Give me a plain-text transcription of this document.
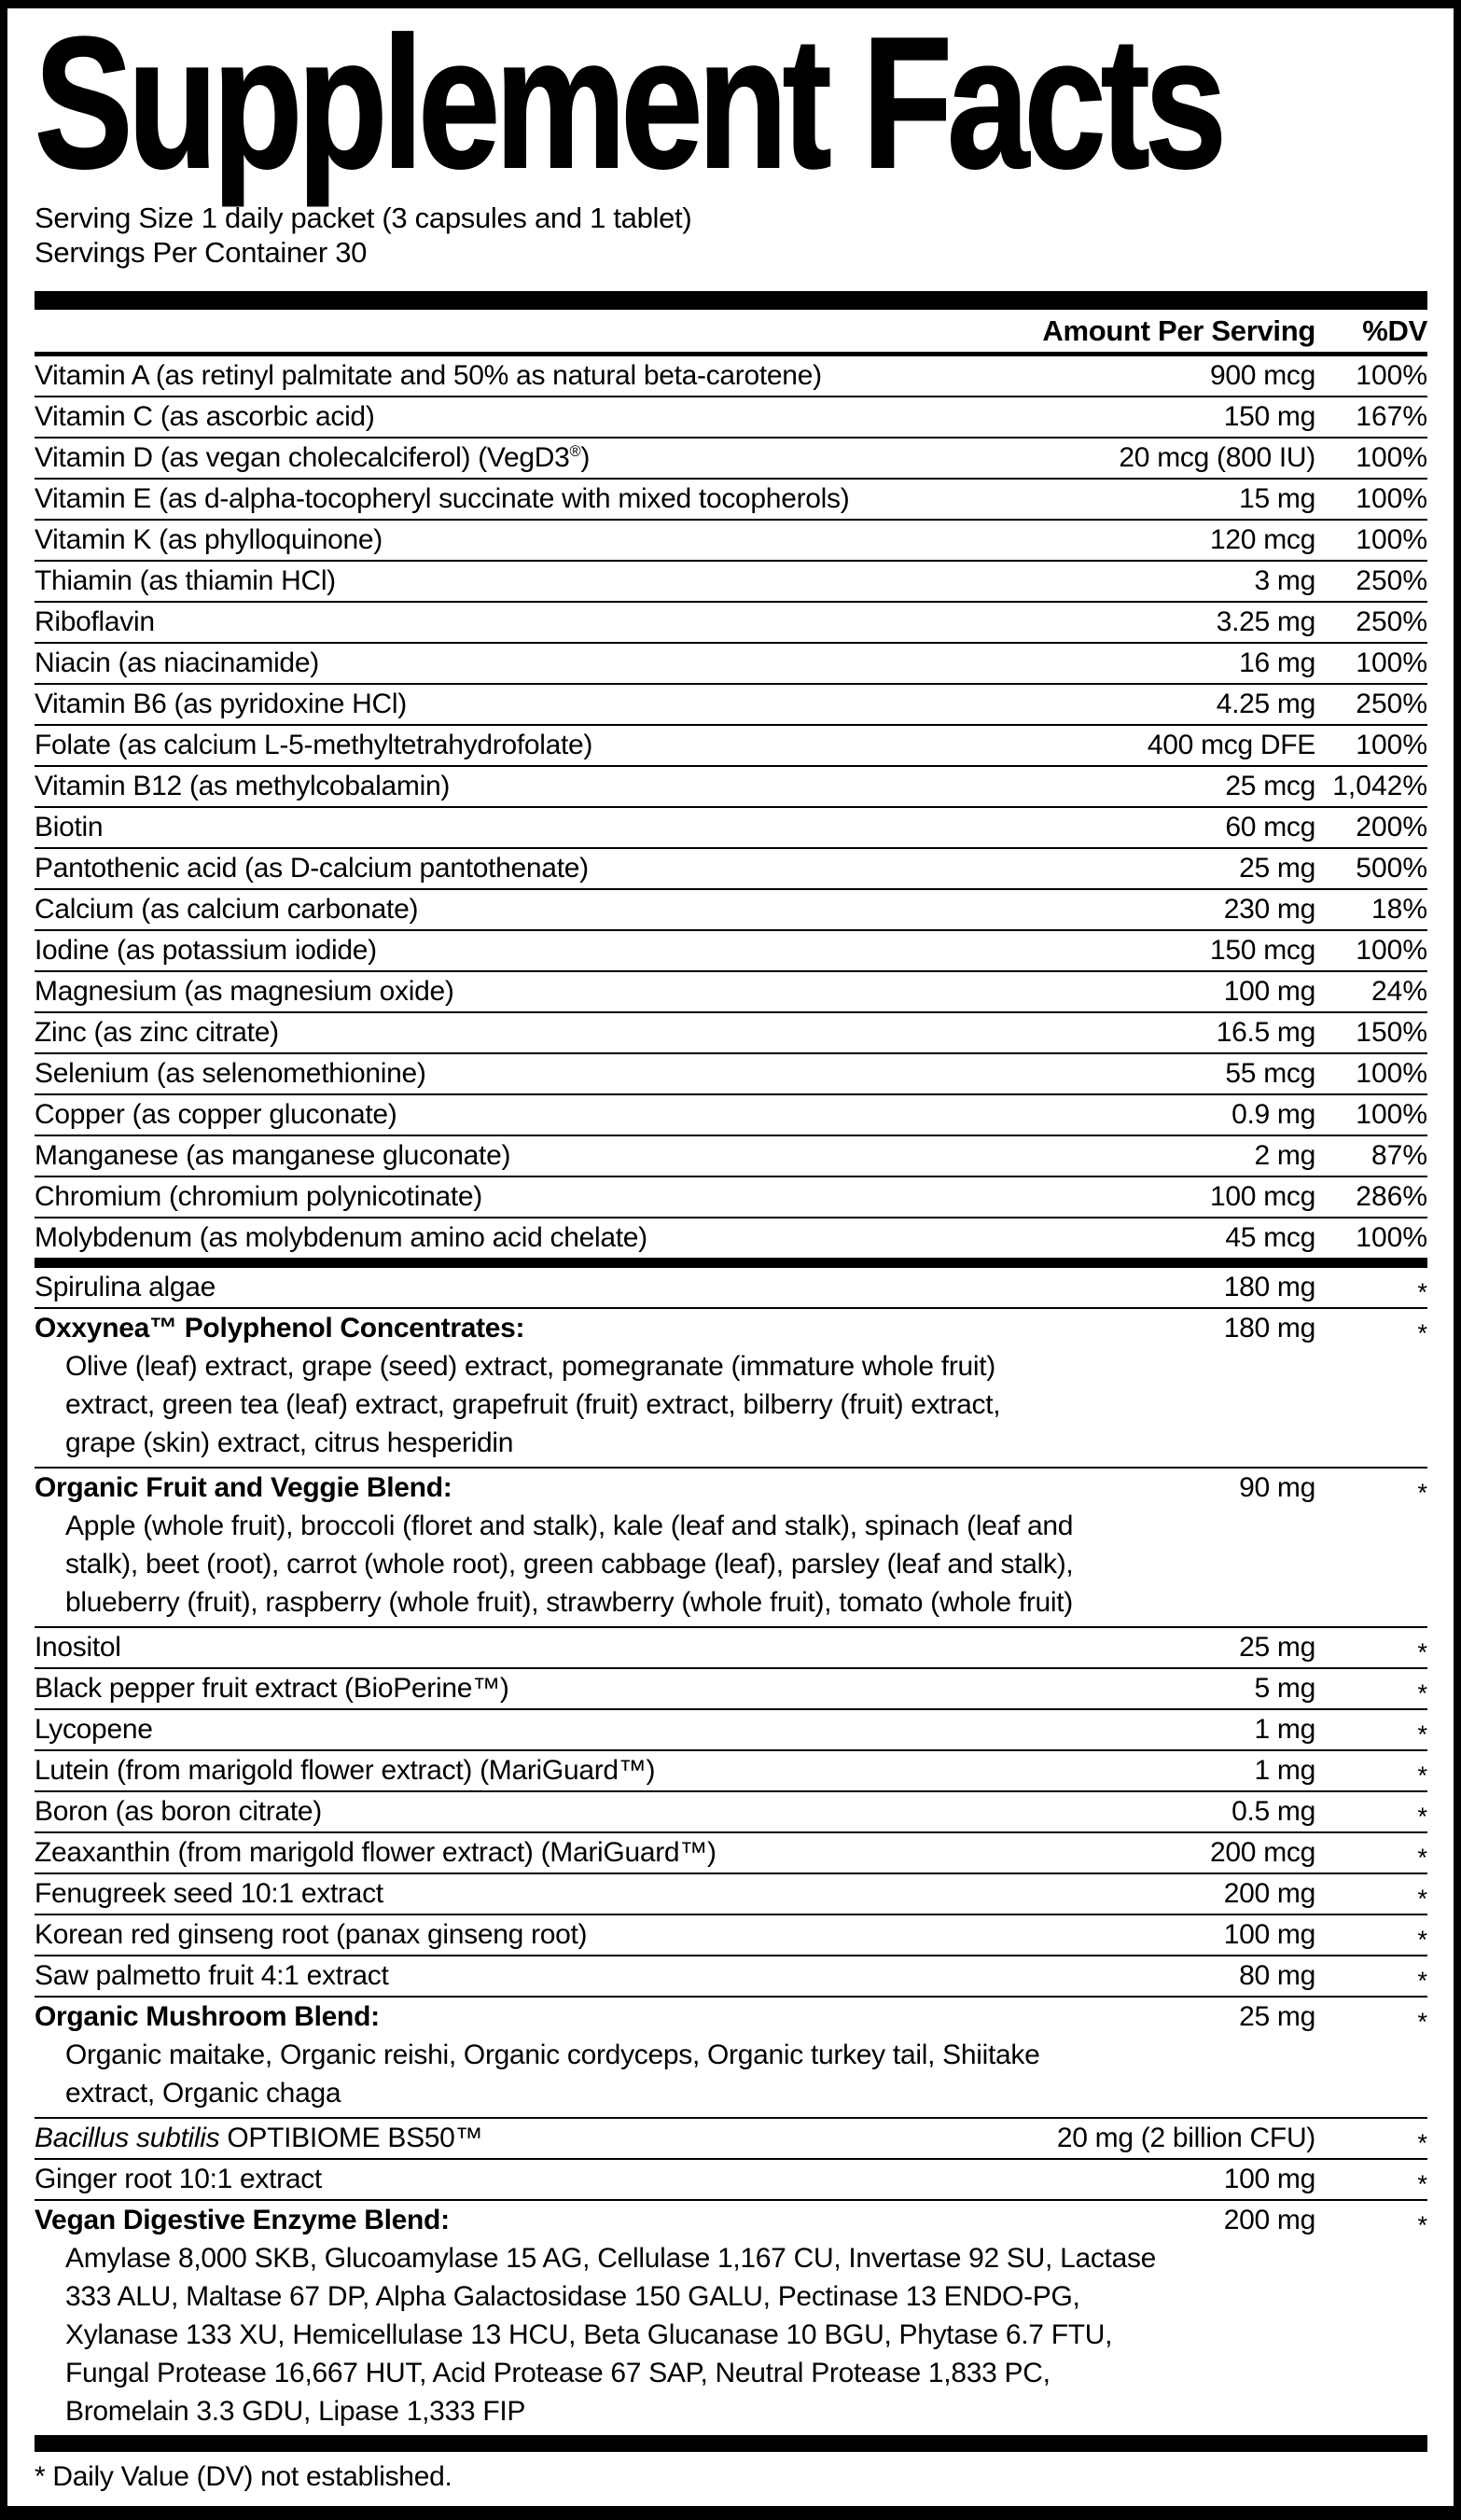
Supplement Facts
Serving Size 1 daily packet (3 capsules and 1 tablet)
Servings Per Container 30
Amount Per Serving	%DV
Vitamin A (as retinyl palmitate and 50% as natural beta-carotene)	900 mcg	100%
Vitamin C (as ascorbic acid)	150 mg	167%
Vitamin D (as vegan cholecalciferol) (VegD3®)	20 mcg (800 IU)	100%
Vitamin E (as d-alpha-tocopheryl succinate with mixed tocopherols)	15 mg	100%
Vitamin K (as phylloquinone)	120 mcg	100%
Thiamin (as thiamin HCl)	3 mg	250%
Riboflavin	3.25 mg	250%
Niacin (as niacinamide)	16 mg	100%
Vitamin B6 (as pyridoxine HCl)	4.25 mg	250%
Folate (as calcium L-5-methyltetrahydrofolate)	400 mcg DFE	100%
Vitamin B12 (as methylcobalamin)	25 mcg 1,042%
Biotin	60 mcg	200%
Pantothenic acid (as D-calcium pantothenate)	25 mg	500%
Calcium (as calcium carbonate)	230 mg	18%
Iodine (as potassium iodide)	150 mcg	100%
Magnesium (as magnesium oxide)	100 mg	24%
Zinc (as zinc citrate)	16.5 mg	150%
Selenium (as selenomethionine)	55 mcg	100%
Copper (as copper gluconate)	0.9 mg	100%
Manganese (as manganese gluconate)	2 mg	87%
Chromium (chromium polynicotinate)	100 mcg	286%
Molybdenum (as molybdenum amino acid chelate)	45 mcg	100%
Spirulina algae	180 mg	*
Oxxynea™ Polyphenol Concentrates:	180 mg	*
Olive (leaf) extract, grape (seed) extract, pomegranate (immature whole fruit)
extract, green tea (leaf) extract, grapefruit (fruit) extract, bilberry (fruit) extract,
grape (skin) extract, citrus hesperidin
Organic Fruit and Veggie Blend:	90 mg	*
Apple (whole fruit), broccoli (floret and stalk), kale (leaf and stalk), spinach (leaf and
stalk), beet (root), carrot (whole root), green cabbage (leaf), parsley (leaf and stalk),
blueberry (fruit), raspberry (whole fruit), strawberry (whole fruit), tomato (whole fruit)
Inositol	25 mg	*
Black pepper fruit extract (BioPerine™)	5 mg	*
Lycopene	1 mg	*
Lutein (from marigold flower extract) (MariGuard™)	1 mg	*
Boron (as boron citrate)	0.5 mg	*
Zeaxanthin (from marigold flower extract) (MariGuard™)	200 mcg	*
Fenugreek seed 10:1 extract	200 mg	*
Korean red ginseng root (panax ginseng root)	100 mg	*
Saw palmetto fruit 4:1 extract	80 mg	*
Organic Mushroom Blend:	25 mg	*
Organic maitake, Organic reishi, Organic cordyceps, Organic turkey tail, Shiitake
extract, Organic chaga
Bacillus subtilis OPTIBIOME BS50™	20 mg (2 billion CFU)	*
Ginger root 10:1 extract	100 mg	*
Vegan Digestive Enzyme Blend:	200 mg	*
Amylase 8,000 SKB, Glucoamylase 15 AG, Cellulase 1,167 CU, Invertase 92 SU, Lactase
333 ALU, Maltase 67 DP, Alpha Galactosidase 150 GALU, Pectinase 13 ENDO-PG,
Xylanase 133 XU, Hemicellulase 13 HCU, Beta Glucanase 10 BGU, Phytase 6.7 FTU,
Fungal Protease 16,667 HUT, Acid Protease 67 SAP, Neutral Protease 1,833 PC,
Bromelain 3.3 GDU, Lipase 1,333 FIP
* Daily Value (DV) not established.
